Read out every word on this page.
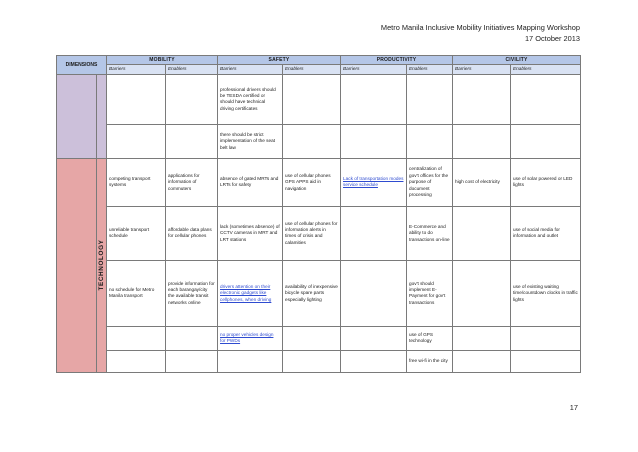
Metro Manila Inclusive Mobility Initiatives Mapping Workshop
17 October 2013
DIMENSIONS		MOBILITY		SAFETY		PRODUCTIVITY		CIVILITY	
		Barriers	Enablers	Barriers	Enablers	Barriers	Enablers	Barriers	Enablers
				professional drivers should be TESDA certified or should have technical driving certificates					
				there should be strict implementation of the seat belt law					

	TECHNOLOGY	competing transport systems	applications for information of commuters	absence of gated MRTs and LRTs for safety	use of cellular phones GPS APPS aid in navigation	Lack of transportation modes service schedule	centralization of gov't offices for the purpose of document processing	high cost of electricity	use of solar powered or LED lights
		unreliable transport schedule	affordable data plans for cellular phones	lack (sometimes absence) of CCTV cameras in MRT and LRT stations	use of cellular phones for information alerts in times of crisis and calamities		E-Commerce and ability to do transactions on-line		use of social media for information and outlet
		no schedule for Metro Manila transport	provide information for each barangay/city the available transit networks online	drivers attention on their electronic gadgets like cellphones, when driving	availability of inexpensive bicycle spare parts especially lighting		gov't should implement E-Payment for gov't transactions		use of existing waiting time/countdown clocks in traffic lights
				no proper vehicles design for PWDs			use of GPS technology		
							free wi-fi in the city		
17
